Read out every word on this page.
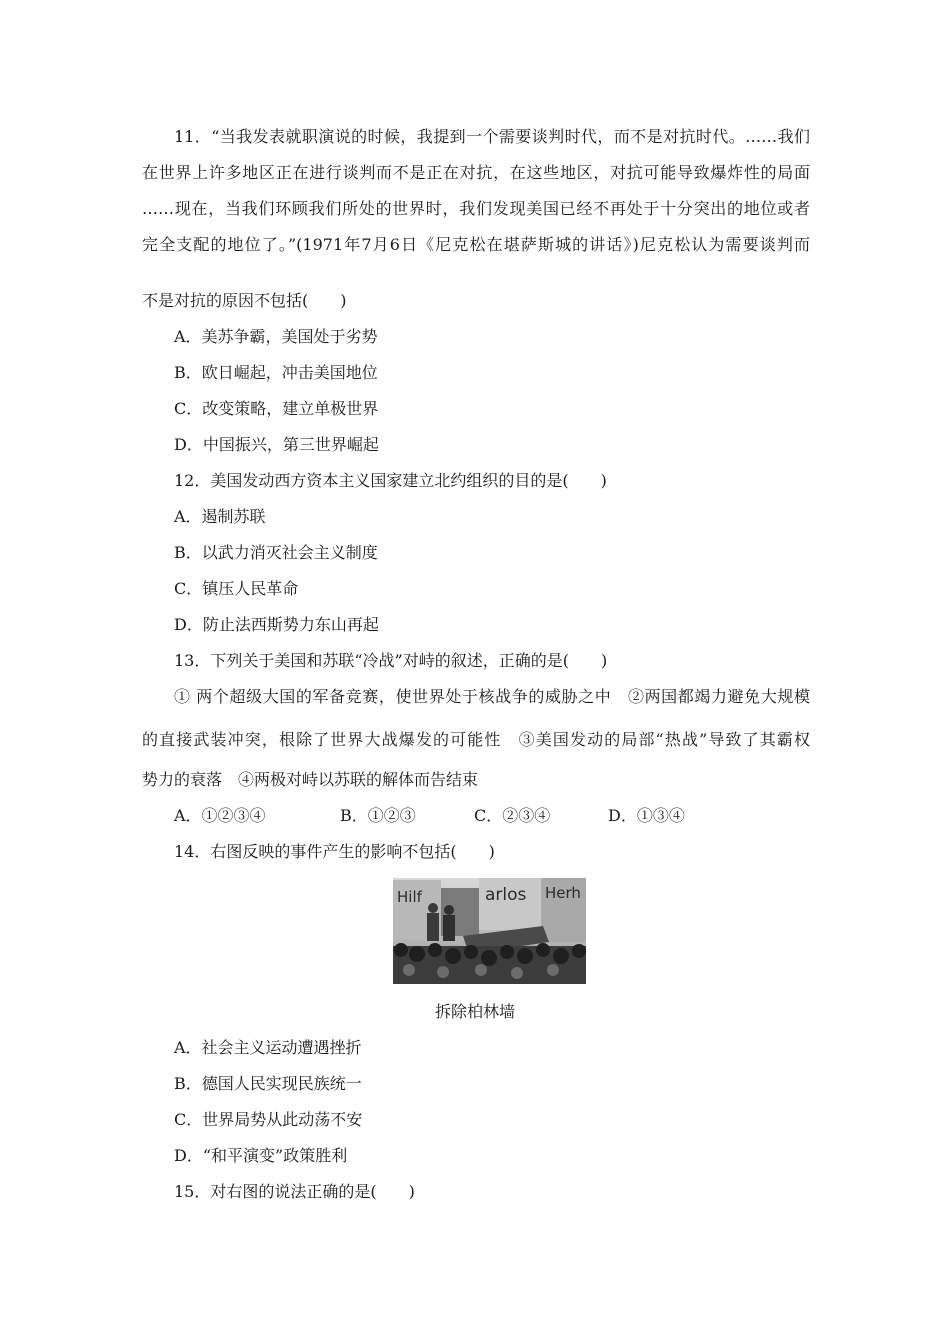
11．“当我发表就职演说的时候，我提到一个需要谈判时代，而不是对抗时代。……我们
在世界上许多地区正在进行谈判而不是正在对抗，在这些地区，对抗可能导致爆炸性的局面
……现在，当我们环顾我们所处的世界时，我们发现美国已经不再处于十分突出的地位或者
完全支配的地位了。”(1971年7月6日《尼克松在堪萨斯城的讲话》)尼克松认为需要谈判而
不是对抗的原因不包括(　　)
A．美苏争霸，美国处于劣势
B．欧日崛起，冲击美国地位
C．改变策略，建立单极世界
D．中国振兴，第三世界崛起
12．美国发动西方资本主义国家建立北约组织的目的是(　　)
A．遏制苏联
B．以武力消灭社会主义制度
C．镇压人民革命
D．防止法西斯势力东山再起
13．下列关于美国和苏联“冷战”对峙的叙述，正确的是(　　)
① 两个超级大国的军备竞赛，使世界处于核战争的威胁之中　②两国都竭力避免大规模
的直接武装冲突，根除了世界大战爆发的可能性　③美国发动的局部“热战”导致了其霸权
势力的衰落　④两极对峙以苏联的解体而告结束
A．①②③④	B．①②③	C．②③④	D．①③④
14．右图反映的事件产生的影响不包括(　　)
Hilf	arlos Herh
拆除柏林墙
A．社会主义运动遭遇挫折
B．德国人民实现民族统一
C．世界局势从此动荡不安
D．“和平演变”政策胜利
15．对右图的说法正确的是(　　)
